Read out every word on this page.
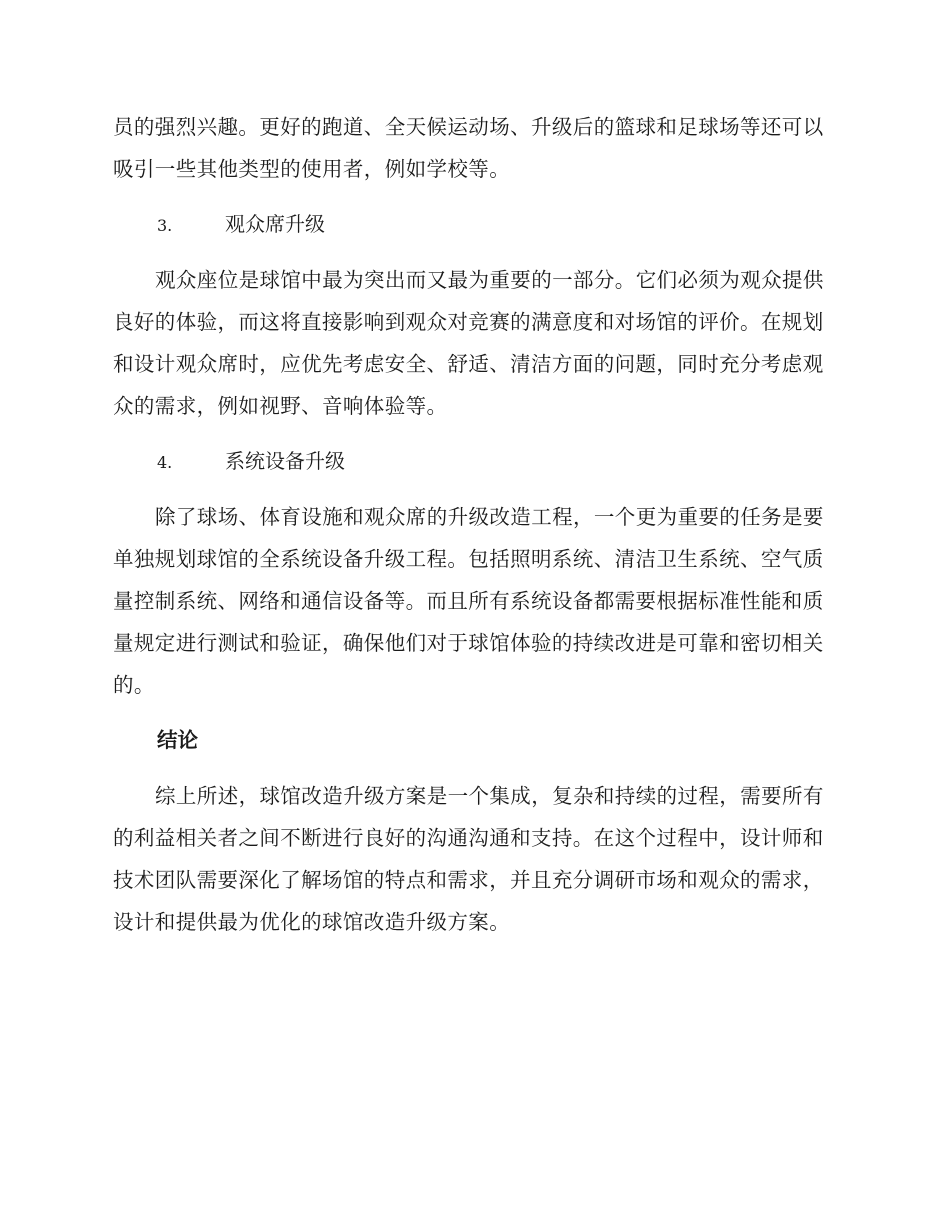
员的强烈兴趣。更好的跑道、全天候运动场、升级后的篮球和足球场等还可以吸引一些其他类型的使用者，例如学校等。

3.	观众席升级

观众座位是球馆中最为突出而又最为重要的一部分。它们必须为观众提供良好的体验，而这将直接影响到观众对竞赛的满意度和对场馆的评价。在规划和设计观众席时，应优先考虑安全、舒适、清洁方面的问题，同时充分考虑观众的需求，例如视野、音响体验等。

4.	系统设备升级

除了球场、体育设施和观众席的升级改造工程，一个更为重要的任务是要单独规划球馆的全系统设备升级工程。包括照明系统、清洁卫生系统、空气质量控制系统、网络和通信设备等。而且所有系统设备都需要根据标准性能和质量规定进行测试和验证，确保他们对于球馆体验的持续改进是可靠和密切相关的。

结论

综上所述，球馆改造升级方案是一个集成，复杂和持续的过程，需要所有的利益相关者之间不断进行良好的沟通沟通和支持。在这个过程中，设计师和技术团队需要深化了解场馆的特点和需求，并且充分调研市场和观众的需求，设计和提供最为优化的球馆改造升级方案。
